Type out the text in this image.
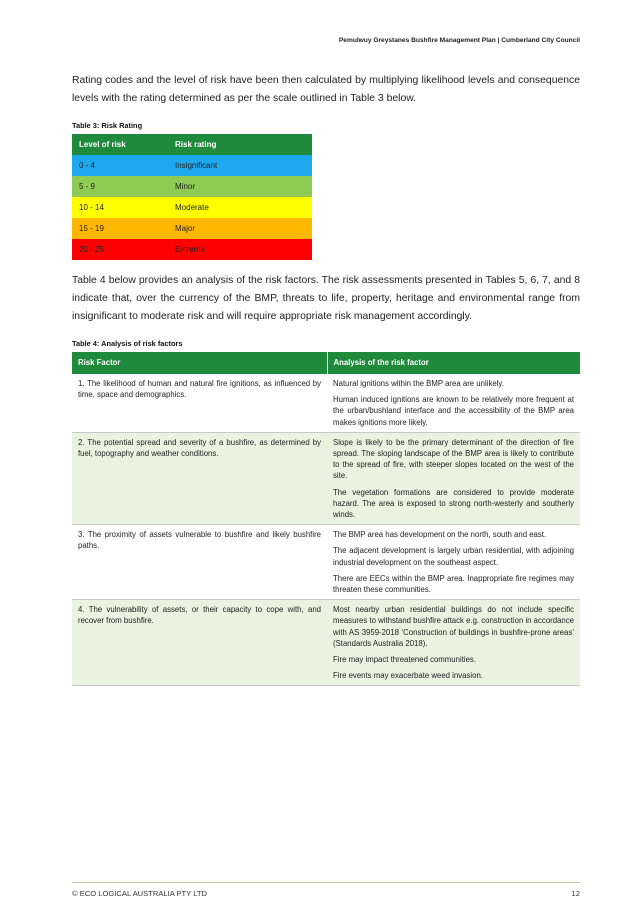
Pemulwuy Greystanes Bushfire Management Plan | Cumberland City Council

Rating codes and the level of risk have been then calculated by multiplying likelihood levels and consequence levels with the rating determined as per the scale outlined in Table 3 below.

Table 3: Risk Rating
Level of risk	Risk rating
0 - 4	Insignificant
5 - 9	Minor
10 - 14	Moderate
15 - 19	Major
20 - 25	Extreme

Table 4 below provides an analysis of the risk factors. The risk assessments presented in Tables 5, 6, 7, and 8 indicate that, over the currency of the BMP, threats to life, property, heritage and environmental range from insignificant to moderate risk and will require appropriate risk management accordingly.

Table 4: Analysis of risk factors
Risk Factor	Analysis of the risk factor
1. The likelihood of human and natural fire ignitions, as influenced by time, space and demographics.	Natural ignitions within the BMP area are unlikely.

Human induced ignitions are known to be relatively more frequent at the urban/bushland interface and the accessibility of the BMP area makes ignitions more likely.

2. The potential spread and severity of a bushfire, as determined by fuel, topography and weather conditions.	Slope is likely to be the primary determinant of the direction of fire spread. The sloping landscape of the BMP area is likely to contribute to the spread of fire, with steeper slopes located on the west of the site.

The vegetation formations are considered to provide moderate hazard. The area is exposed to strong north-westerly and southerly winds.

3. The proximity of assets vulnerable to bushfire and likely bushfire paths.	The BMP area has development on the north, south and east.

The adjacent development is largely urban residential, with adjoining industrial development on the southeast aspect.

There are EECs within the BMP area. Inappropriate fire regimes may threaten these communities.

4. The vulnerability of assets, or their capacity to cope with, and recover from bushfire.	Most nearby urban residential buildings do not include specific measures to withstand bushfire attack e.g. construction in accordance with AS 3959-2018 ‘Construction of buildings in bushfire-prone areas’ (Standards Australia 2018).

Fire may impact threatened communities.

Fire events may exacerbate weed invasion.

© ECO LOGICAL AUSTRALIA PTY LTD	12
